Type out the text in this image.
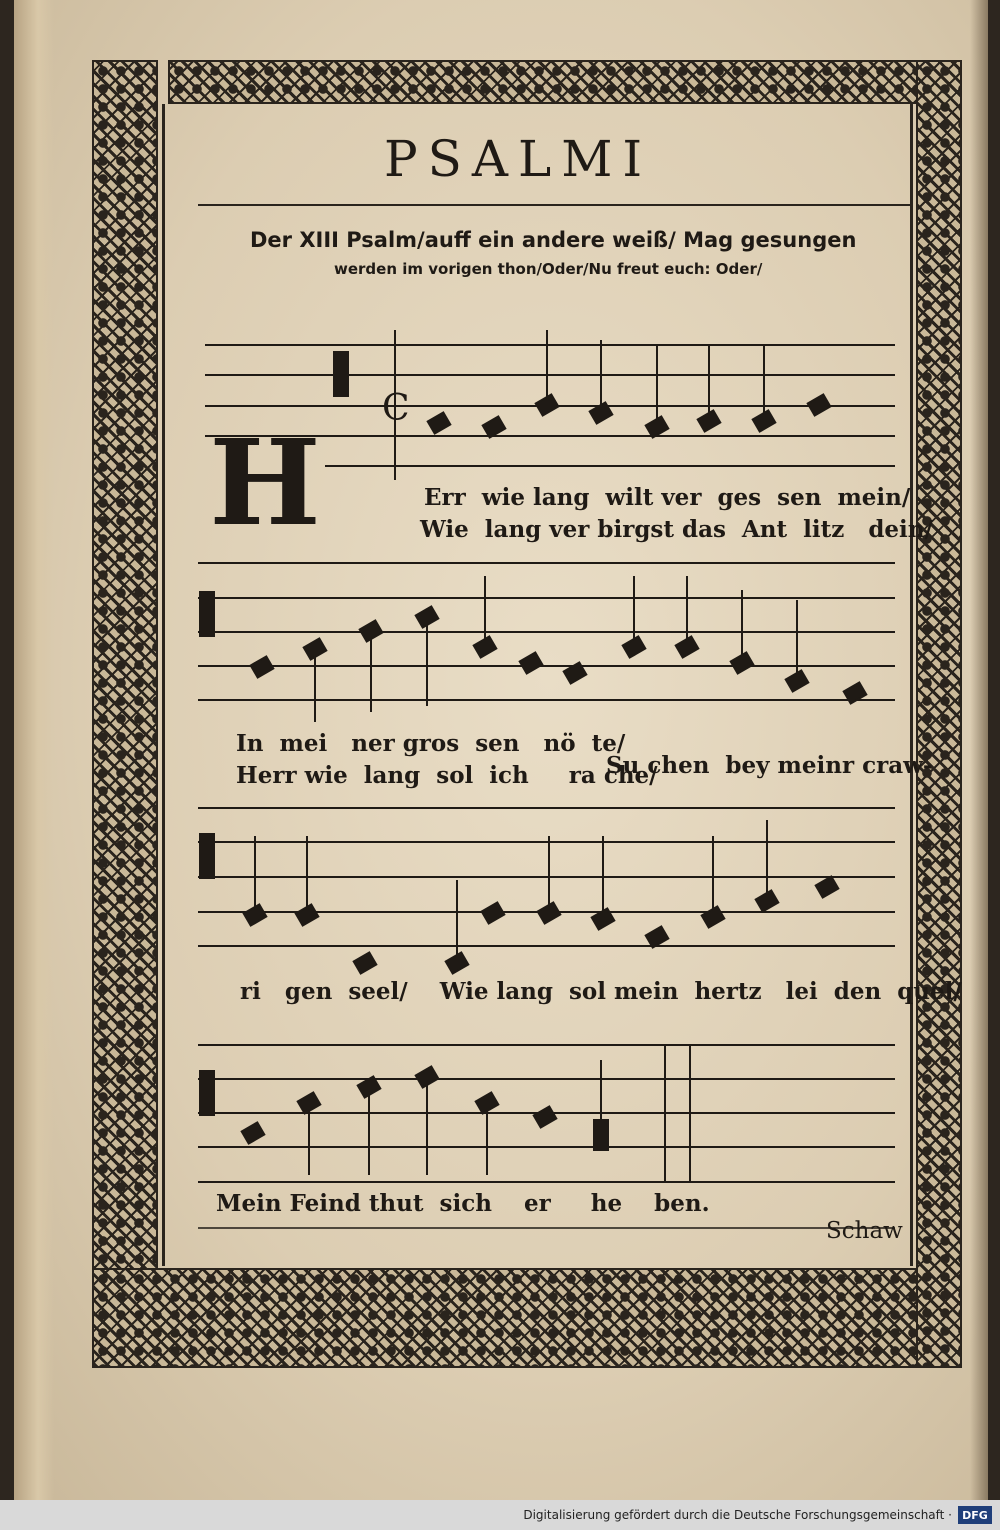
PSALMI
Der XIII Psalm/auff ein andere weiß/ Mag gesungen
werden im vorigen thon/Oder/Nu freut euch: Oder/
H
C
Err  wie lang  wilt ver  ges  sen  mein/
Wie  lang ver birgst das  Ant  litz   dein/
In  mei   ner gros  sen   nö  te/
Herr wie  lang  sol  ich     ra che/
Su chen  bey meinr craw-
ri   gen  seel/    Wie lang  sol mein  hertz   lei  den  quel/
Mein Feind thut  sich    er     he    ben.
Schaw
Digitalisierung gefördert durch die Deutsche Forschungsgemeinschaft · DFG
